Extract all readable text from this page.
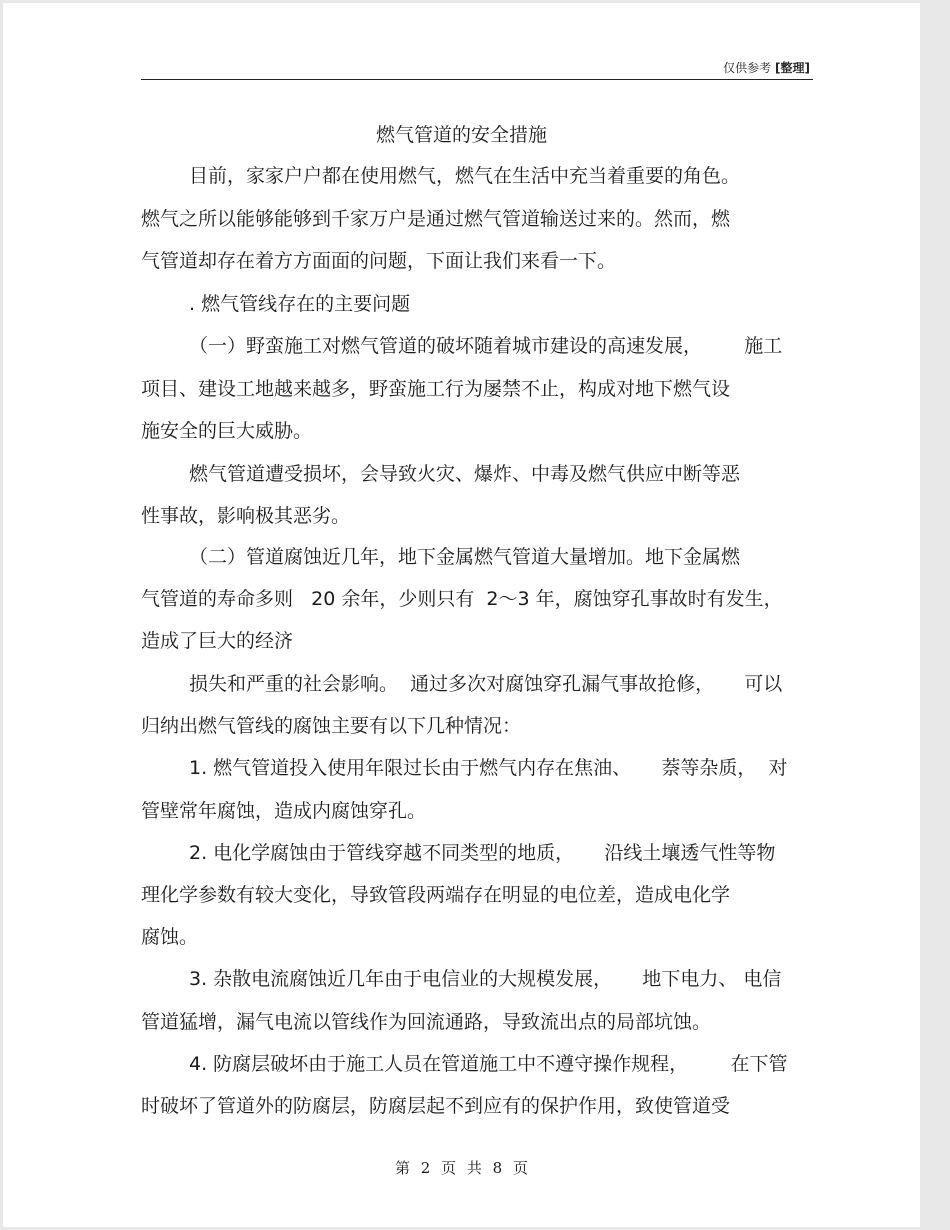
仅供参考 [整理]
燃气管道的安全措施
目前，家家户户都在使用燃气，燃气在生活中充当着重要的角色。
燃气之所以能够能够到千家万户是通过燃气管道输送过来的。然而，燃
气管道却存在着方方面面的问题，下面让我们来看一下。
. 燃气管线存在的主要问题
（一）野蛮施工对燃气管道的破坏随着城市建设的高速发展，       施工
项目、建设工地越来越多，野蛮施工行为屡禁不止，构成对地下燃气设
施安全的巨大威胁。
燃气管道遭受损坏，会导致火灾、爆炸、中毒及燃气供应中断等恶
性事故，影响极其恶劣。
（二）管道腐蚀近几年，地下金属燃气管道大量增加。地下金属燃
气管道的寿命多则   20 余年，少则只有  2～3 年，腐蚀穿孔事故时有发生，
造成了巨大的经济
损失和严重的社会影响。  通过多次对腐蚀穿孔漏气事故抢修，     可以
归纳出燃气管线的腐蚀主要有以下几种情况：
1. 燃气管道投入使用年限过长由于燃气内存在焦油、     萘等杂质，  对
管壁常年腐蚀，造成内腐蚀穿孔。
2. 电化学腐蚀由于管线穿越不同类型的地质，     沿线土壤透气性等物
理化学参数有较大变化，导致管段两端存在明显的电位差，造成电化学
腐蚀。
3. 杂散电流腐蚀近几年由于电信业的大规模发展，     地下电力、 电信
管道猛增，漏气电流以管线作为回流通路，导致流出点的局部坑蚀。
4. 防腐层破坏由于施工人员在管道施工中不遵守操作规程，       在下管
时破坏了管道外的防腐层，防腐层起不到应有的保护作用，致使管道受
第 2 页 共 8 页
